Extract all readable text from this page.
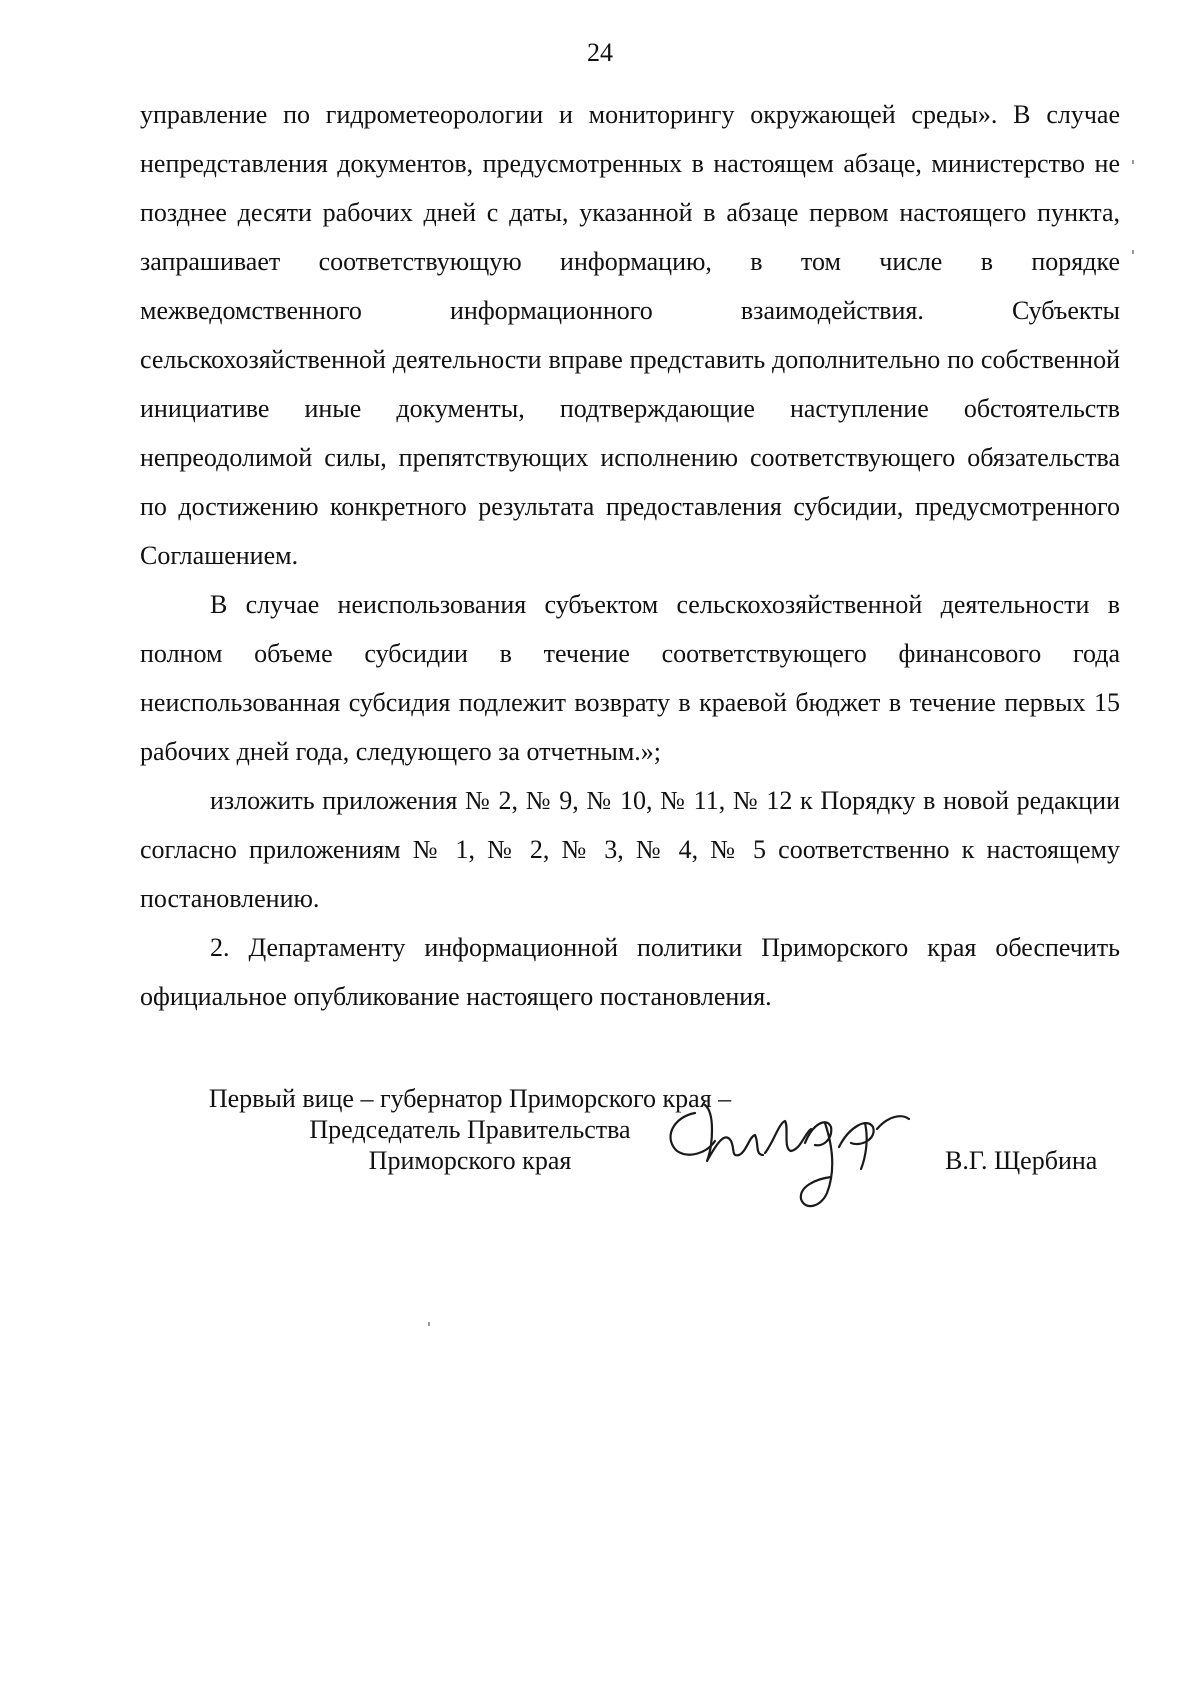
24

управление по гидрометеорологии и мониторингу окружающей среды». В случае непредставления документов, предусмотренных в настоящем абзаце, министерство не позднее десяти рабочих дней с даты, указанной в абзаце первом настоящего пункта, запрашивает соответствующую информацию, в том числе в порядке межведомственного информационного взаимодействия. Субъекты сельскохозяйственной деятельности вправе представить дополнительно по собственной инициативе иные документы, подтверждающие наступление обстоятельств непреодолимой силы, препятствующих исполнению соответствующего обязательства по достижению конкретного результата предоставления субсидии, предусмотренного Соглашением.

В случае неиспользования субъектом сельскохозяйственной деятельности в полном объеме субсидии в течение соответствующего финансового года неиспользованная субсидия подлежит возврату в краевой бюджет в течение первых 15 рабочих дней года, следующего за отчетным.»;

изложить приложения № 2, № 9, № 10, № 11, № 12 к Порядку в новой редакции согласно приложениям № 1, № 2, № 3, № 4, № 5 соответственно к настоящему постановлению.

2. Департаменту информационной политики Приморского края обеспечить официальное опубликование настоящего постановления.

Первый вице – губернатор Приморского края –
Председатель Правительства
Приморского края	В.Г. Щербина
